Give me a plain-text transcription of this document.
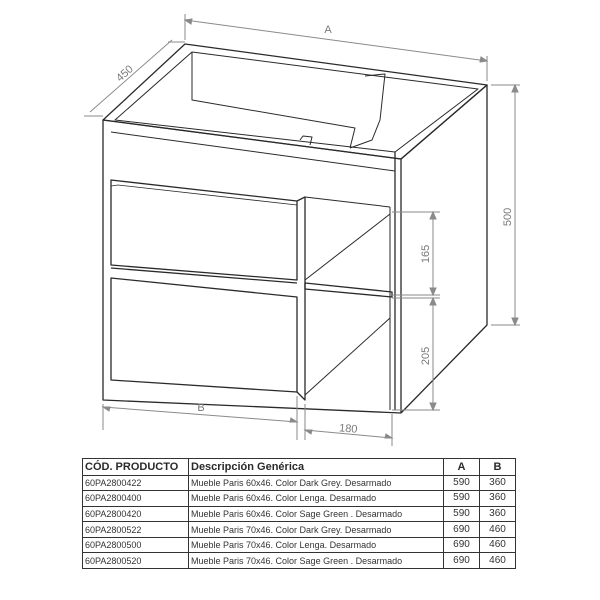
A
450
500
165
205
B
180
CÓD. PRODUCTO	Descripción Genérica	A	B
60PA2800422	Mueble Paris 60x46. Color Dark Grey. Desarmado	590	360
60PA2800400	Mueble Paris 60x46. Color Lenga. Desarmado	590	360
60PA2800420	Mueble Paris 60x46. Color Sage Green . Desarmado	590	360
60PA2800522	Mueble Paris 70x46. Color Dark Grey. Desarmado	690	460
60PA2800500	Mueble Paris 70x46. Color Lenga. Desarmado	690	460
60PA2800520	Mueble Paris 70x46. Color Sage Green . Desarmado	690	460
